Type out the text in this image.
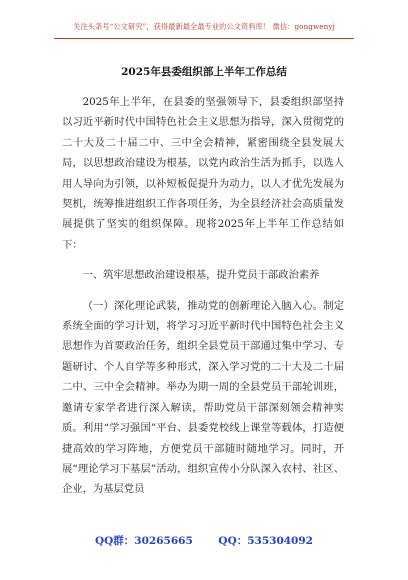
关注头条号“公文研究”，获得最新最全最专业的公文资料库！ 微信：gongwenyj
2025年县委组织部上半年工作总结

2025年上半年，在县委的坚强领导下，县委组织部坚持以习近平新时代中国特色社会主义思想为指导，深入贯彻党的二十大及二十届二中、三中全会精神，紧密围绕全县发展大局，以思想政治建设为根基，以党内政治生活为抓手，以选人用人导向为引领，以补短板促提升为动力，以人才优先发展为契机，统筹推进组织工作各项任务，为全县经济社会高质量发展提供了坚实的组织保障。现将2025年上半年工作总结如下：

一、筑牢思想政治建设根基，提升党员干部政治素养

（一）深化理论武装，推动党的创新理论入脑入心。制定系统全面的学习计划，将学习习近平新时代中国特色社会主义思想作为首要政治任务，组织全县党员干部通过集中学习、专题研讨、个人自学等多种形式，深入学习党的二十大及二十届二中、三中全会精神。举办为期一周的全县党员干部轮训班，邀请专家学者进行深入解读，帮助党员干部深刻领会精神实质。利用“学习强国”平台、县委党校线上课堂等载体，打造便捷高效的学习阵地，方便党员干部随时随地学习。同时，开展“理论学习下基层”活动，组织宣传小分队深入农村、社区、企业，为基层党员

QQ群：30265665 QQ：535304092
